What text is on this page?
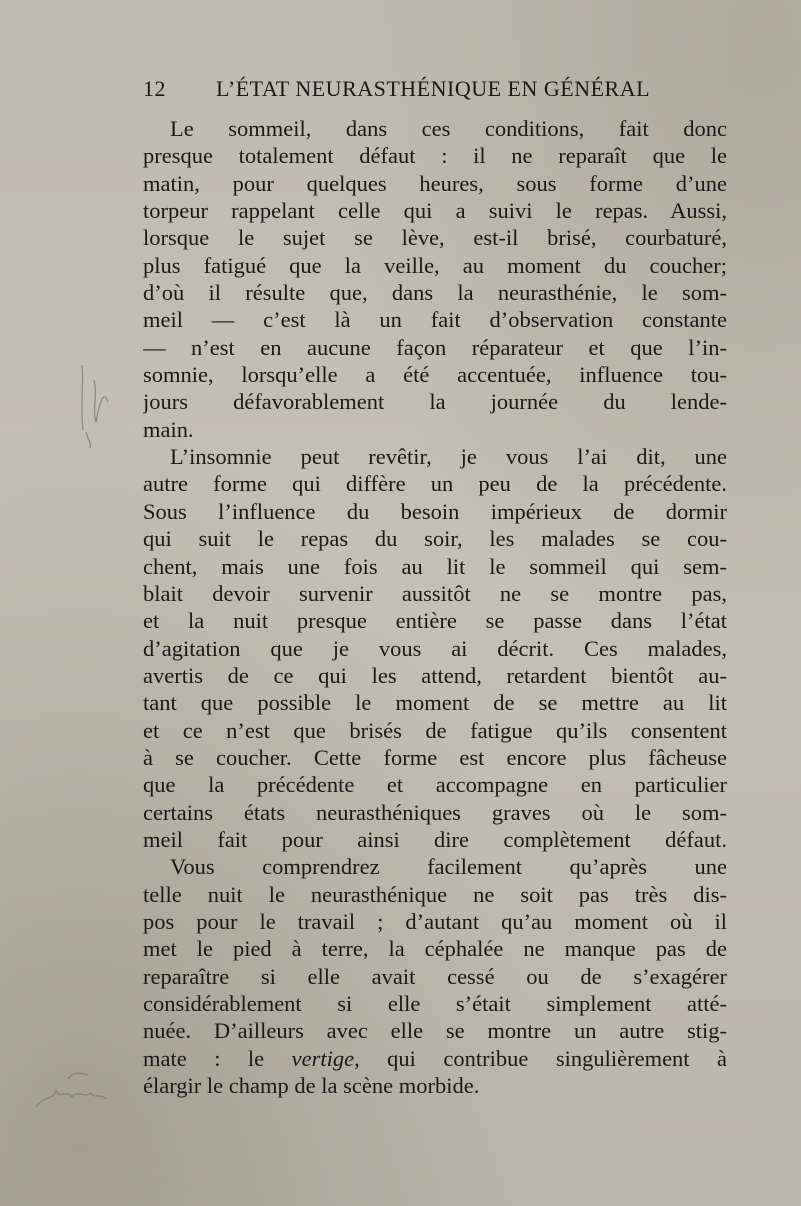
12 L’ÉTAT NEURASTHÉNIQUE EN GÉNÉRAL
Le sommeil, dans ces conditions, fait donc
presque totalement défaut : il ne reparaît que le
matin, pour quelques heures, sous forme d’une
torpeur rappelant celle qui a suivi le repas. Aussi,
lorsque le sujet se lève, est-il brisé, courbaturé,
plus fatigué que la veille, au moment du coucher;
d’où il résulte que, dans la neurasthénie, le som-
meil — c’est là un fait d’observation constante
— n’est en aucune façon réparateur et que l’in-
somnie, lorsqu’elle a été accentuée, influence tou-
jours défavorablement la journée du lende-
main.
L’insomnie peut revêtir, je vous l’ai dit, une
autre forme qui diffère un peu de la précédente.
Sous l’influence du besoin impérieux de dormir
qui suit le repas du soir, les malades se cou-
chent, mais une fois au lit le sommeil qui sem-
blait devoir survenir aussitôt ne se montre pas,
et la nuit presque entière se passe dans l’état
d’agitation que je vous ai décrit. Ces malades,
avertis de ce qui les attend, retardent bientôt au-
tant que possible le moment de se mettre au lit
et ce n’est que brisés de fatigue qu’ils consentent
à se coucher. Cette forme est encore plus fâcheuse
que la précédente et accompagne en particulier
certains états neurasthéniques graves où le som-
meil fait pour ainsi dire complètement défaut.
Vous comprendrez facilement qu’après une
telle nuit le neurasthénique ne soit pas très dis-
pos pour le travail ; d’autant qu’au moment où il
met le pied à terre, la céphalée ne manque pas de
reparaître si elle avait cessé ou de s’exagérer
considérablement si elle s’était simplement atté-
nuée. D’ailleurs avec elle se montre un autre stig-
mate : le vertige, qui contribue singulièrement à
élargir le champ de la scène morbide.
